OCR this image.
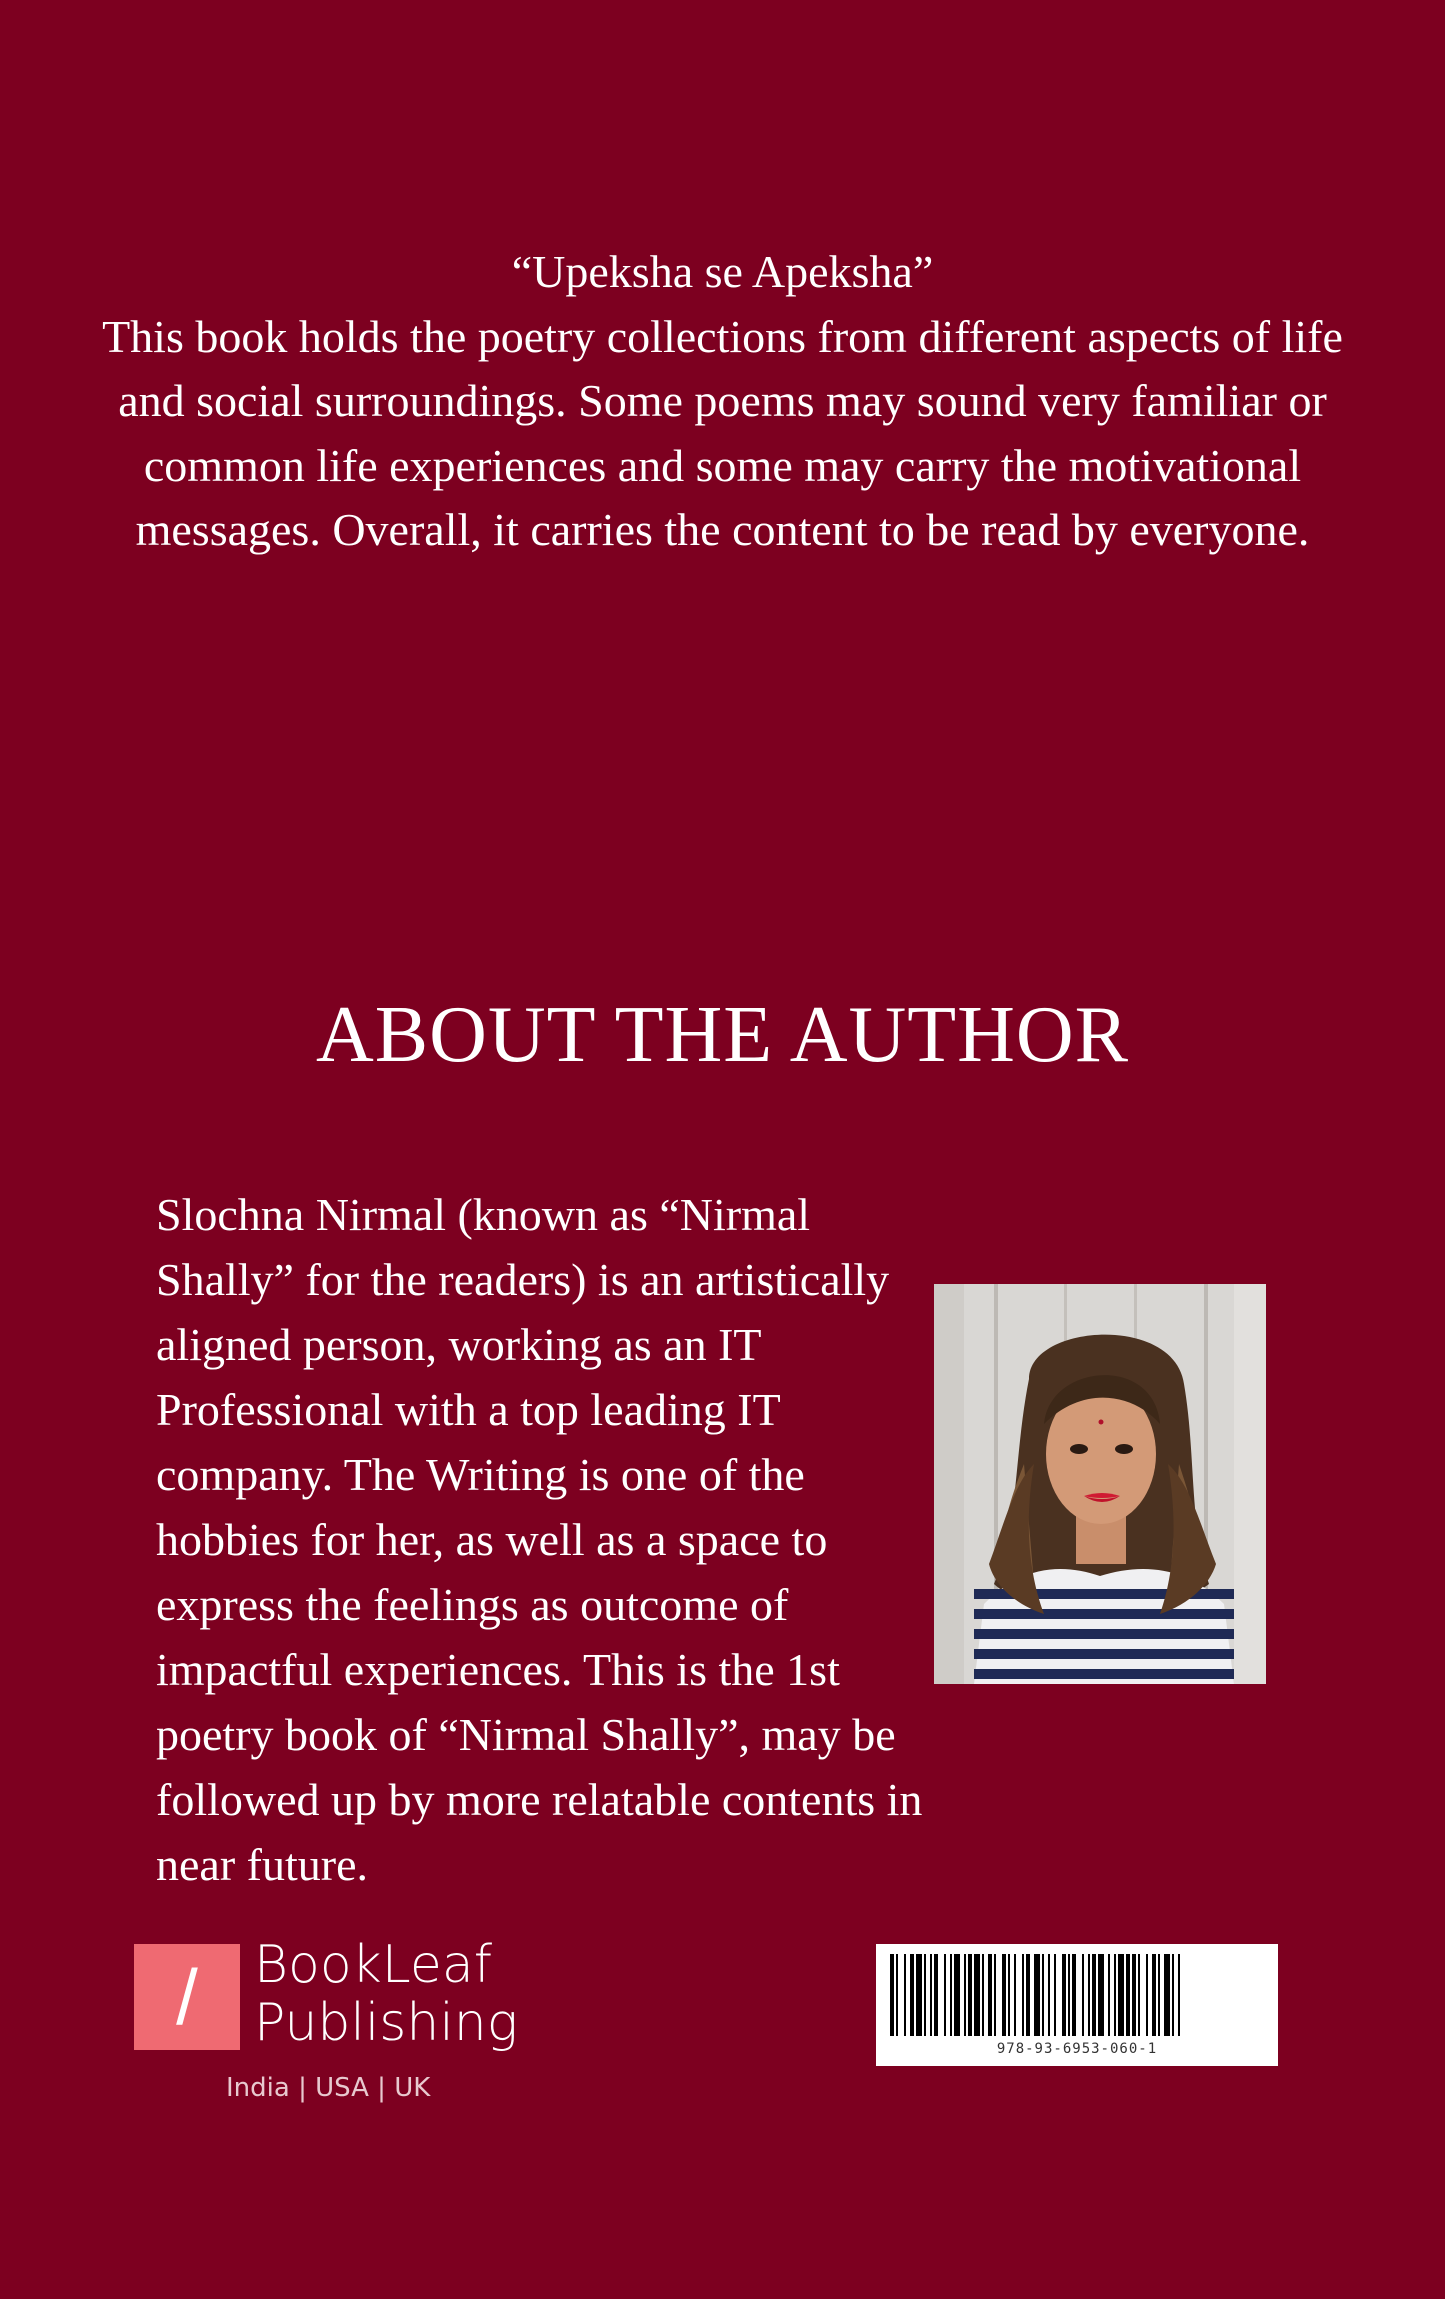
“Upeksha se Apeksha”

This book holds the poetry collections from different aspects of life and social surroundings. Some poems may sound very familiar or common life experiences and some may carry the motivational messages. Overall, it carries the content to be read by everyone.

ABOUT THE AUTHOR

Slochna Nirmal (known as “Nirmal Shally” for the readers) is an artistically aligned person, working as an IT Professional with a top leading IT company. The Writing is one of the hobbies for her, as well as a space to express the feelings as outcome of impactful experiences. This is the 1st poetry book of “Nirmal Shally”, may be followed up by more relatable contents in near future.

/	BookLeaf
Publishing

India | USA | UK
978-93-6953-060-1
